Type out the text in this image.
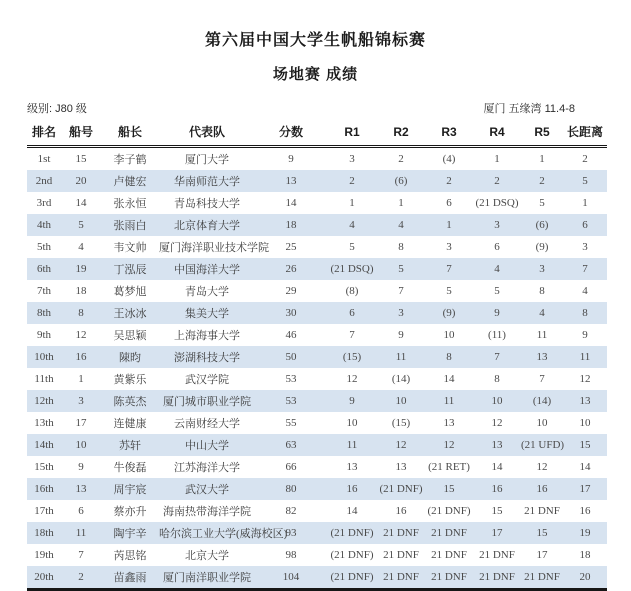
第六届中国大学生帆船锦标赛
场地赛 成绩
级别: J80 级	厦门 五缘湾 11.4-8
排名	船号	船长	代表队	分数	R1	R2	R3	R4	R5	长距离
1st	15	李子鹤	厦门大学	9	3	2	(4)	1	1	2
2nd	20	卢健宏	华南师范大学	13	2	(6)	2	2	2	5
3rd	14	张永恒	青岛科技大学	14	1	1	6	(21 DSQ)	5	1
4th	5	张雨白	北京体育大学	18	4	4	1	3	(6)	6
5th	4	韦文帅	厦门海洋职业技术学院	25	5	8	3	6	(9)	3
6th	19	丁泓辰	中国海洋大学	26	(21 DSQ)	5	7	4	3	7
7th	18	葛梦旭	青岛大学	29	(8)	7	5	5	8	4
8th	8	王冰冰	集美大学	30	6	3	(9)	9	4	8
9th	12	吴思颖	上海海事大学	46	7	9	10	(11)	11	9
10th	16	陳昀	澎湖科技大学	50	(15)	11	8	7	13	11
11th	1	黄紫乐	武汉学院	53	12	(14)	14	8	7	12
12th	3	陈英杰	厦门城市职业学院	53	9	10	11	10	(14)	13
13th	17	连健康	云南财经大学	55	10	(15)	13	12	10	10
14th	10	苏轩	中山大学	63	11	12	12	13	(21 UFD)	15
15th	9	牛俊磊	江苏海洋大学	66	13	13	(21 RET)	14	12	14
16th	13	周宇宸	武汉大学	80	16	(21 DNF)	15	16	16	17
17th	6	蔡亦升	海南热带海洋学院	82	14	16	(21 DNF)	15	21 DNF	16
18th	11	陶宇辛	哈尔滨工业大学(威海校区)	93	(21 DNF)	21 DNF	21 DNF	17	15	19
19th	7	芮思铭	北京大学	98	(21 DNF)	21 DNF	21 DNF	21 DNF	17	18
20th	2	苗鑫雨	厦门南洋职业学院	104	(21 DNF)	21 DNF	21 DNF	21 DNF	21 DNF	20
